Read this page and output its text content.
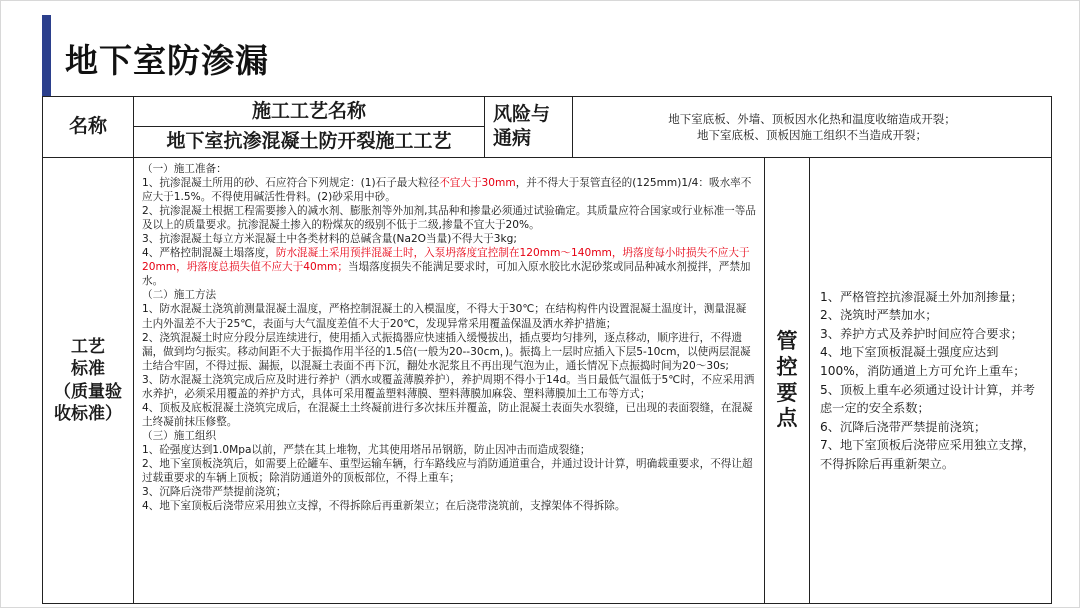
地下室防渗漏
名称
施工工艺名称
地下室抗渗混凝土防开裂施工工艺
风险与通病
地下室底板、外墙、顶板因水化热和温度收缩造成开裂；
地下室底板、顶板因施工组织不当造成开裂；
工艺
标准
（质量验
收标准）

（一）施工准备：

1、抗渗混凝土所用的砂、石应符合下列规定：(1)石子最大粒径不宜大于30mm，并不得大于泵管直径的(125mm)1/4：吸水率不应大于1.5%。不得使用碱活性骨料。(2)砂采用中砂。

2、抗渗混凝土根据工程需要掺入的减水剂、膨胀剂等外加剂,其品种和掺量必须通过试验确定。其质量应符合国家或行业标准一等品及以上的质量要求。抗渗混凝土掺入的粉煤灰的级别不低于二级,掺量不宜大于20%。

3、抗渗混凝土每立方米混凝土中各类材料的总碱含量(Na2O当量)不得大于3kg;

4、严格控制混凝土塌落度，防水混凝土采用预拌混凝土时，入泵坍落度宜控制在120mm～140mm，坍落度每小时损失不应大于20mm，坍落度总损失值不应大于40mm；当塌落度损失不能满足要求时，可加入原水胶比水泥砂浆或同品种减水剂搅拌，严禁加水。

（二）施工方法

1、防水混凝土浇筑前测量混凝土温度，严格控制混凝土的入模温度，不得大于30℃；在结构构件内设置混凝土温度计，测量混凝土内外温差不大于25℃，表面与大气温度差值不大于20℃，发现异常采用覆盖保温及洒水养护措施；

2、浇筑混凝土时应分段分层连续进行，使用插入式振捣器应快速插入缓慢拔出，插点要均匀排列，逐点移动，顺序进行，不得遗漏，做到均匀振实。移动间距不大于振捣作用半径的1.5倍(一般为20--30cm，)。振捣上一层时应插入下层5-10cm，以使两层混凝土结合牢固，不得过振、漏振，以混凝土表面不再下沉，翻处水泥浆且不再出现气泡为止，通长情况下点振捣时间为20～30s;

3、防水混凝土浇筑完成后应及时进行养护（洒水或覆盖薄膜养护），养护周期不得小于14d。当日最低气温低于5℃时，不应采用洒水养护，必须采用覆盖的养护方式，具体可采用覆盖塑料薄膜、塑料薄膜加麻袋、塑料薄膜加土工布等方式；

4、顶板及底板混凝土浇筑完成后，在混凝土土终凝前进行多次抹压并覆盖，防止混凝土表面失水裂缝，已出现的表面裂缝，在混凝土终凝前抹压修整。

（三）施工组织

1、砼强度达到1.0Mpa以前，严禁在其上堆物，尤其使用塔吊吊钢筋，防止因冲击而造成裂缝；

2、地下室顶板浇筑后，如需要上砼罐车、重型运输车辆，行车路线应与消防通道重合，并通过设计计算，明确载重要求，不得让超过载重要求的车辆上顶板；除消防通道外的顶板部位，不得上重车；

3、沉降后浇带严禁提前浇筑；

4、地下室顶板后浇带应采用独立支撑，不得拆除后再重新架立；在后浇带浇筑前，支撑架体不得拆除。

管控要点

1、严格管控抗渗混凝土外加剂掺量；

2、浇筑时严禁加水；

3、养护方式及养护时间应符合要求；

4、地下室顶板混凝土强度应达到100%，消防通道上方可允许上重车；

5、顶板上重车必须通过设计计算，并考虑一定的安全系数；

6、沉降后浇带严禁提前浇筑；

7、地下室顶板后浇带应采用独立支撑，不得拆除后再重新架立。
